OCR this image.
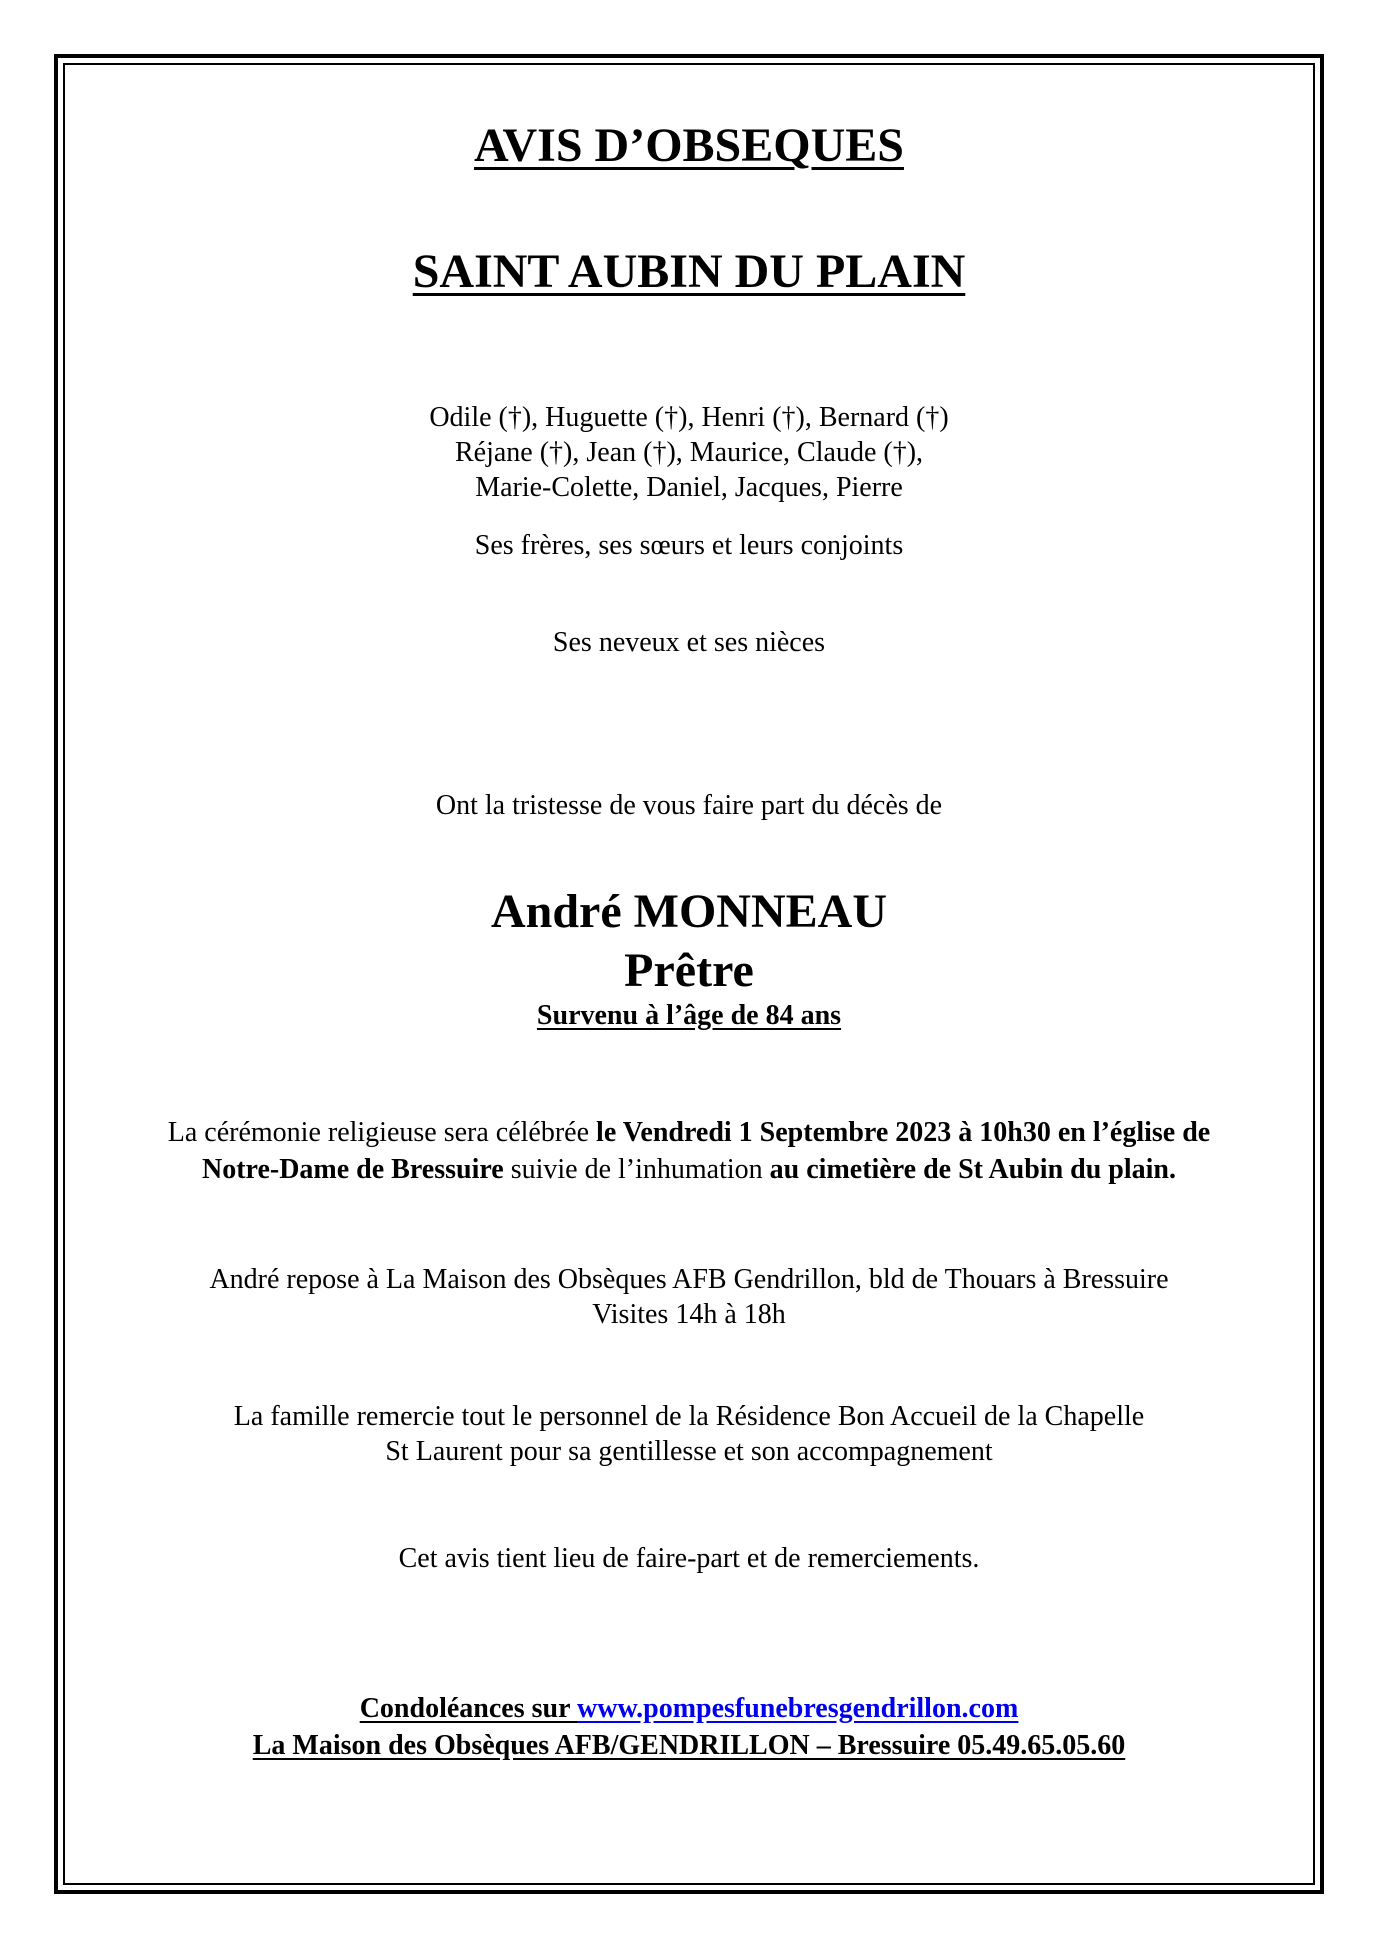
AVIS D’OBSEQUES
SAINT AUBIN DU PLAIN
Odile (†), Huguette (†), Henri (†), Bernard (†)
Réjane (†), Jean (†), Maurice, Claude (†),
Marie-Colette, Daniel, Jacques, Pierre
Ses frères, ses sœurs et leurs conjoints
Ses neveux et ses nièces
Ont la tristesse de vous faire part du décès de
André MONNEAU
Prêtre
Survenu à l’âge de 84 ans
La cérémonie religieuse sera célébrée le Vendredi 1 Septembre 2023 à 10h30 en l’église de
Notre-Dame de Bressuire suivie de l’inhumation au cimetière de St Aubin du plain.
André repose à La Maison des Obsèques AFB Gendrillon, bld de Thouars à Bressuire
Visites 14h à 18h
La famille remercie tout le personnel de la Résidence Bon Accueil de la Chapelle
St Laurent pour sa gentillesse et son accompagnement
Cet avis tient lieu de faire-part et de remerciements.
Condoléances sur www.pompesfunebresgendrillon.com
La Maison des Obsèques AFB/GENDRILLON – Bressuire 05.49.65.05.60
